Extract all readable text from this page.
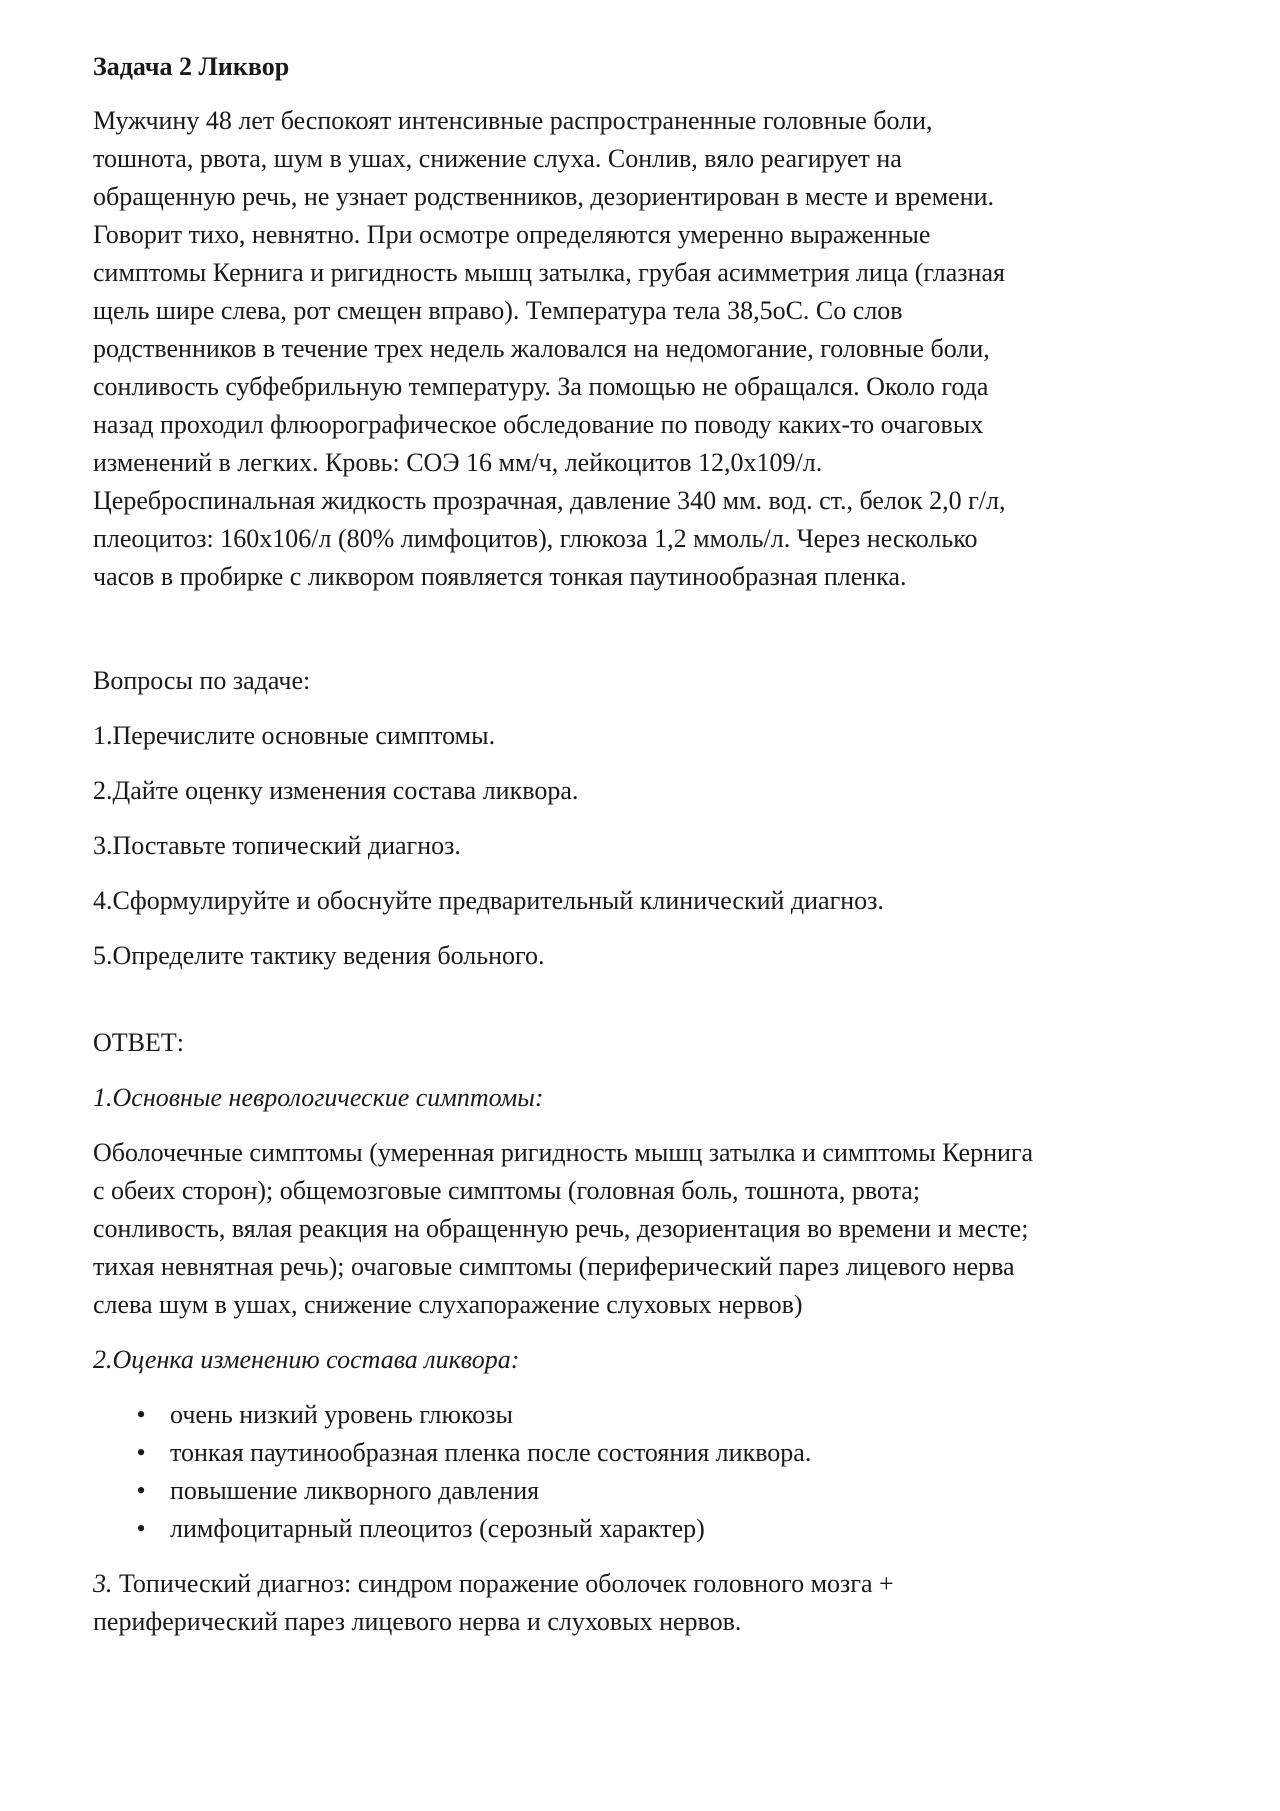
Задача 2 Ликвор

Мужчину 48 лет беспокоят интенсивные распространенные головные боли,
тошнота, рвота, шум в ушах, снижение слуха. Сонлив, вяло реагирует на
обращенную речь, не узнает родственников, дезориентирован в месте и времени.
Говорит тихо, невнятно. При осмотре определяются умеренно выраженные
симптомы Кернига и ригидность мышц затылка, грубая асимметрия лица (глазная
щель шире слева, рот смещен вправо). Температура тела 38,5оС. Со слов
родственников в течение трех недель жаловался на недомогание, головные боли,
сонливость субфебрильную температуру. За помощью не обращался. Около года
назад проходил флюорографическое обследование по поводу каких-то очаговых
изменений в легких. Кровь: СОЭ 16 мм/ч, лейкоцитов 12,0х109/л.
Цереброспинальная жидкость прозрачная, давление 340 мм. вод. ст., белок 2,0 г/л,
плеоцитоз: 160х106/л (80% лимфоцитов), глюкоза 1,2 ммоль/л. Через несколько
часов в пробирке с ликвором появляется тонкая паутинообразная пленка.

Вопросы по задаче:

1.Перечислите основные симптомы.

2.Дайте оценку изменения состава ликвора.

3.Поставьте топический диагноз.

4.Сформулируйте и обоснуйте предварительный клинический диагноз.

5.Определите тактику ведения больного.

ОТВЕТ:

1.Основные неврологические симптомы:

Оболочечные симптомы (умеренная ригидность мышц затылка и симптомы Кернига
с обеих сторон); общемозговые симптомы (головная боль, тошнота, рвота;
сонливость, вялая реакция на обращенную речь, дезориентация во времени и месте;
тихая невнятная речь); очаговые симптомы (периферический парез лицевого нерва
слева шум в ушах, снижение слухапоражение слуховых нервов)

2.Оценка изменению состава ликвора:

• очень низкий уровень глюкозы
• тонкая паутинообразная пленка после состояния ликвора.
• повышение ликворного давления
• лимфоцитарный плеоцитоз (серозный характер)
3. Топический диагноз: синдром поражение оболочек головного мозга +
периферический парез лицевого нерва и слуховых нервов.
